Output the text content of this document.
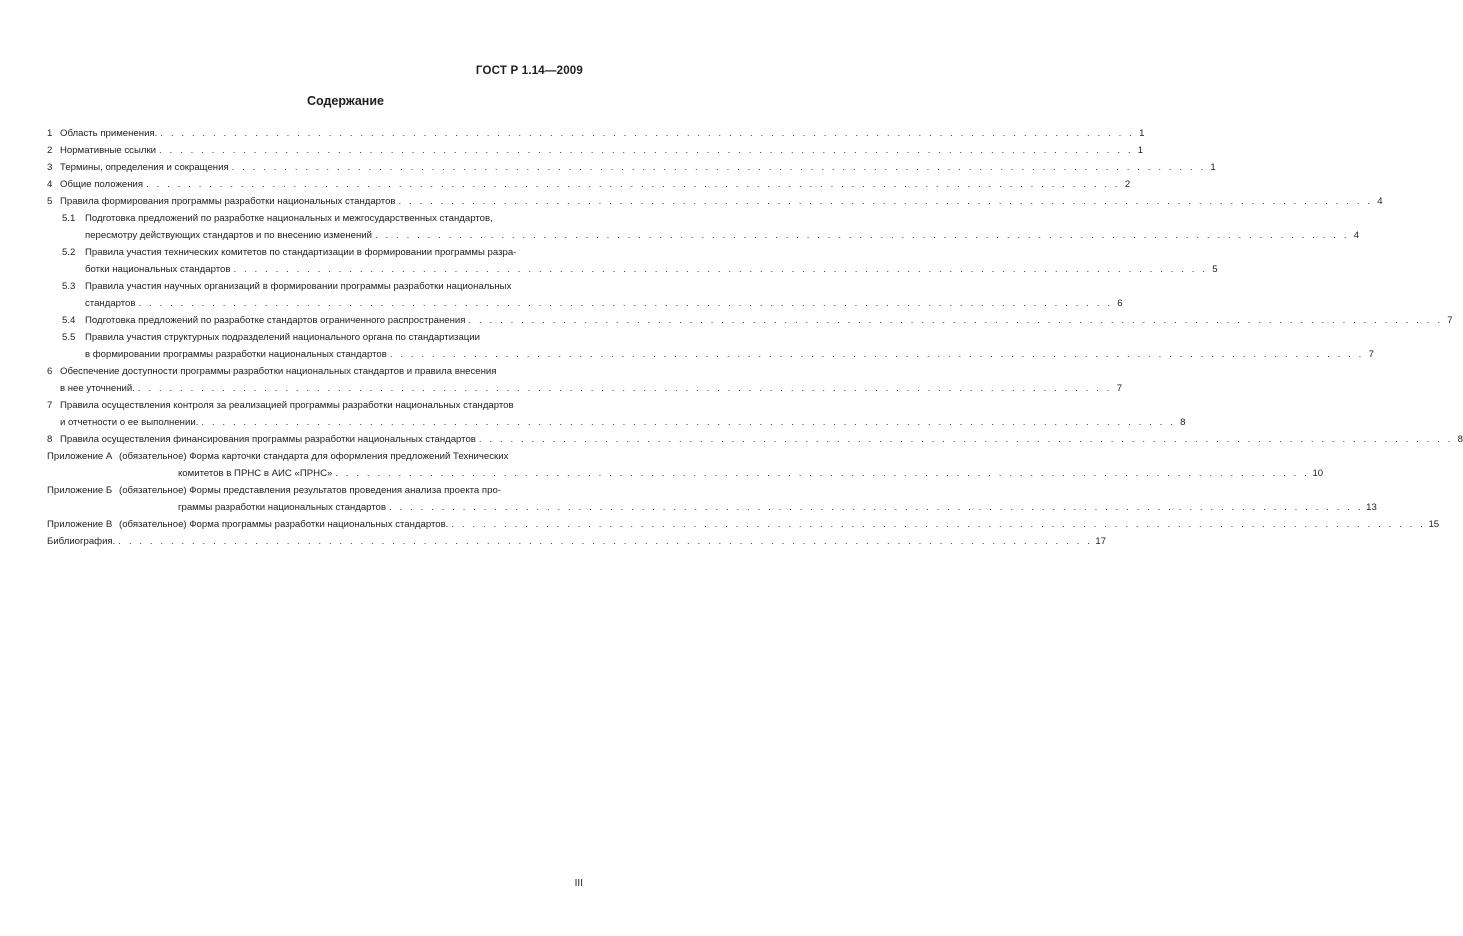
ГОСТ Р 1.14—2009
Содержание
1 Область применения. . . .	1
2 Нормативные ссылки . . .	1
3 Термины, определения и сокращения . . .	1
4 Общие положения . . .	2
5 Правила формирования программы разработки национальных стандартов . . .	4
5.1 Подготовка предложений по разработке национальных и межгосударственных стандартов,
пересмотру действующих стандартов и по внесению изменений . . .	4
5.2 Правила участия технических комитетов по стандартизации в формировании программы разра-
ботки национальных стандартов . . .	5
5.3 Правила участия научных организаций в формировании программы разработки национальных
стандартов . . .	6
5.4 Подготовка предложений по разработке стандартов ограниченного распространения . . .	7
5.5 Правила участия структурных подразделений национального органа по стандартизации
в формировании программы разработки национальных стандартов . . .	7
6 Обеспечение доступности программы разработки национальных стандартов и правила внесения
в нее уточнений. . . .	7
7 Правила осуществления контроля за реализацией программы разработки национальных стандартов
и отчетности о ее выполнении. . . .	8
8 Правила осуществления финансирования программы разработки национальных стандартов . . .	8
Приложение А (обязательное) Форма карточки стандарта для оформления предложений Технических
комитетов в ПРНС в АИС «ПРНС» . . .	10
Приложение Б (обязательное) Формы представления результатов проведения анализа проекта про-
граммы разработки национальных стандартов . . .	13
Приложение В (обязательное) Форма программы разработки национальных стандартов. . . .	15
Библиография. . . .	17
III
